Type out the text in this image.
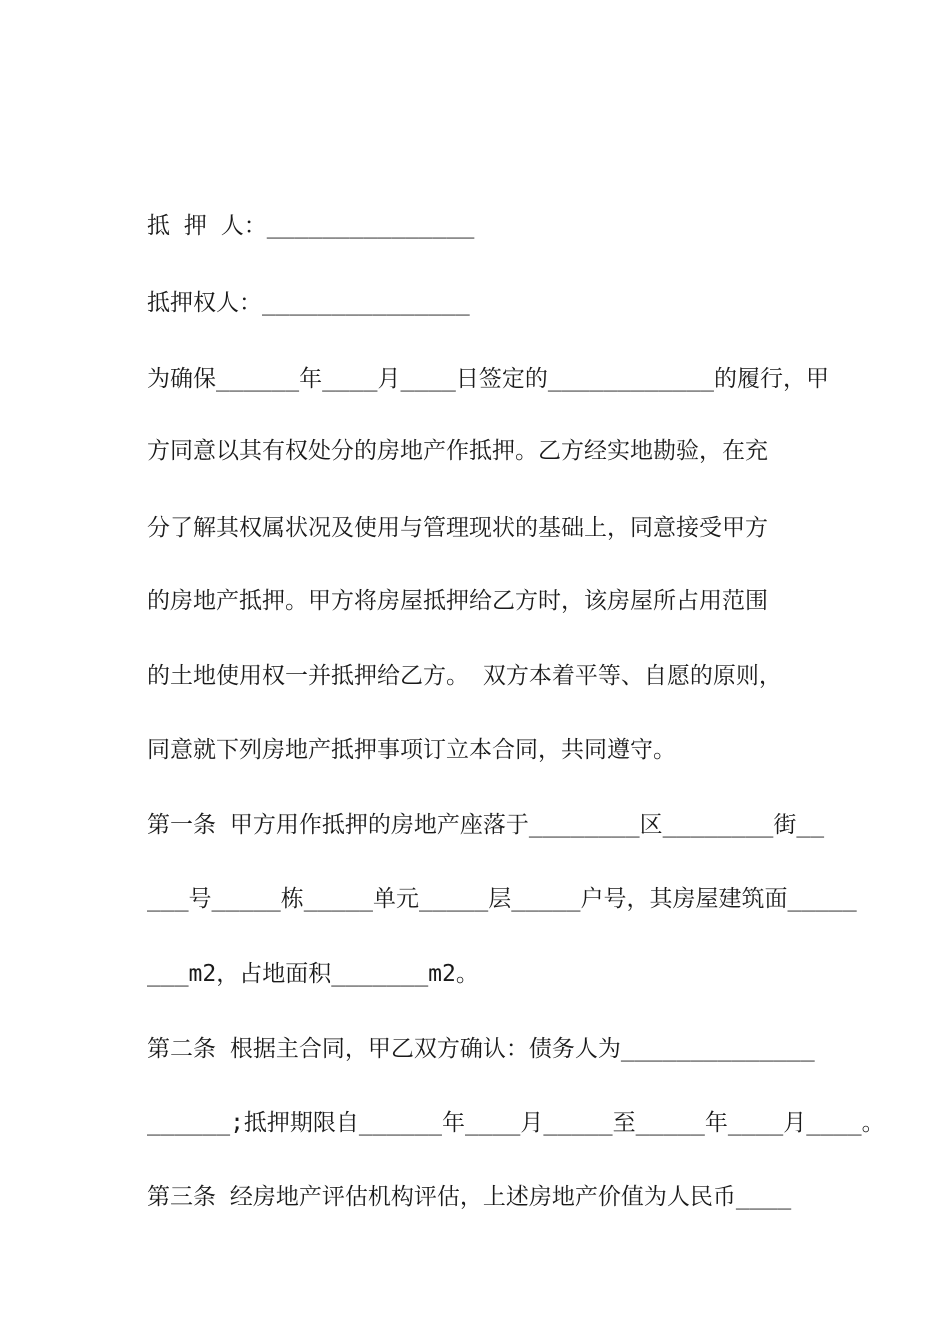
抵 押 人：_______________

抵押权人：_______________

为确保______年____月____日签定的____________的履行，甲

方同意以其有权处分的房地产作抵押。乙方经实地勘验，在充

分了解其权属状况及使用与管理现状的基础上，同意接受甲方

的房地产抵押。甲方将房屋抵押给乙方时，该房屋所占用范围

的土地使用权一并抵押给乙方。 双方本着平等、自愿的原则，

同意就下列房地产抵押事项订立本合同，共同遵守。

第一条 甲方用作抵押的房地产座落于________区________街__

___号_____栋_____单元_____层_____户号，其房屋建筑面_____

___m2，占地面积_______m2。

第二条 根据主合同，甲乙双方确认：债务人为______________

______;抵押期限自______年____月_____至_____年____月____。

第三条 经房地产评估机构评估，上述房地产价值为人民币____
